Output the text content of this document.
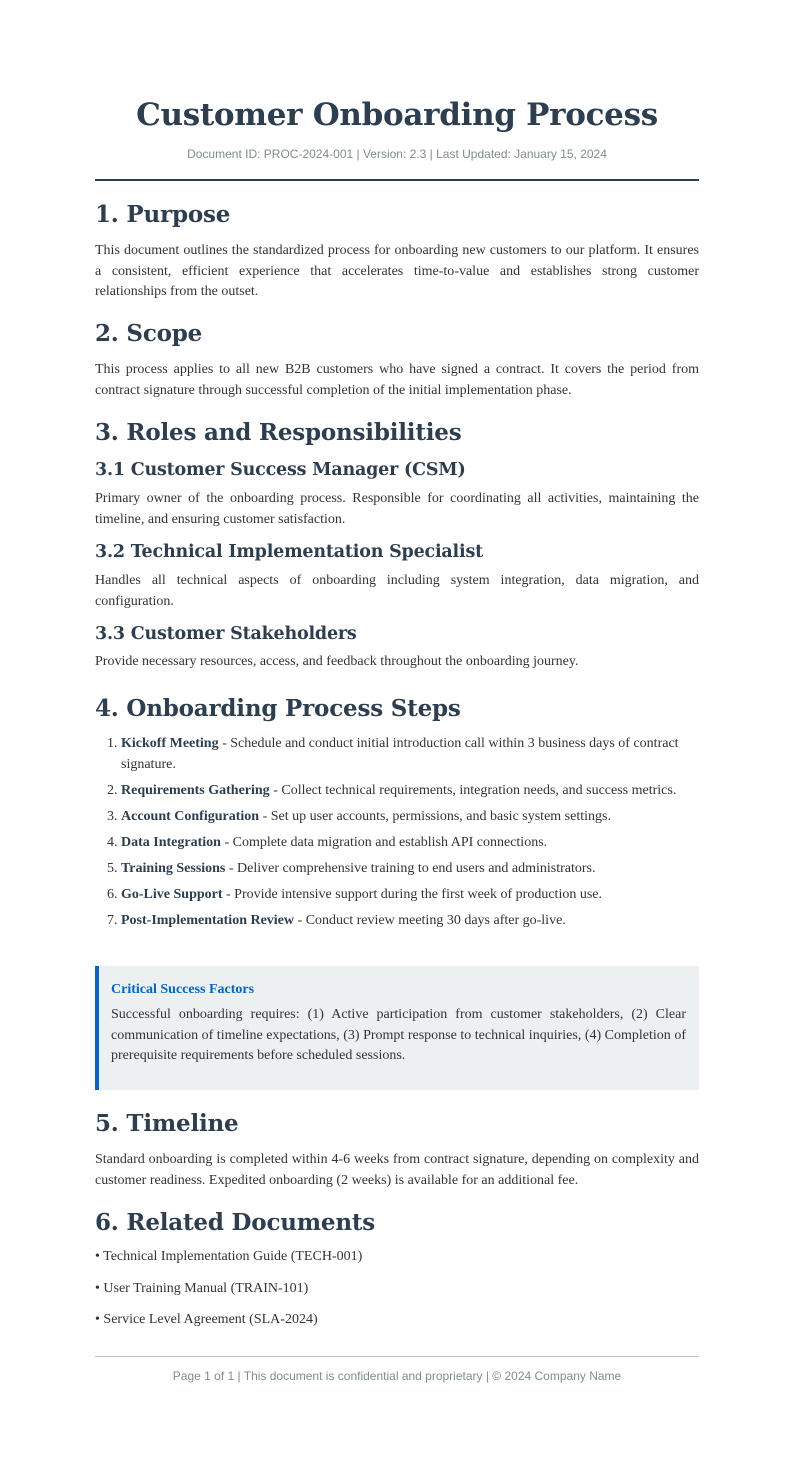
Customer Onboarding Process
Document ID: PROC-2024-001 | Version: 2.3 | Last Updated: January 15, 2024
1. Purpose

This document outlines the standardized process for onboarding new customers to our platform. It ensures a consistent, efficient experience that accelerates time-to-value and establishes strong customer relationships from the outset.

2. Scope

This process applies to all new B2B customers who have signed a contract. It covers the period from contract signature through successful completion of the initial implementation phase.

3. Roles and Responsibilities
3.1 Customer Success Manager (CSM)

Primary owner of the onboarding process. Responsible for coordinating all activities, maintaining the timeline, and ensuring customer satisfaction.

3.2 Technical Implementation Specialist

Handles all technical aspects of onboarding including system integration, data migration, and configuration.

3.3 Customer Stakeholders

Provide necessary resources, access, and feedback throughout the onboarding journey.

4. Onboarding Process Steps
1. Kickoff Meeting - Schedule and conduct initial introduction call within 3 business days of contract signature.
2. Requirements Gathering - Collect technical requirements, integration needs, and success metrics.
3. Account Configuration - Set up user accounts, permissions, and basic system settings.
4. Data Integration - Complete data migration and establish API connections.
5. Training Sessions - Deliver comprehensive training to end users and administrators.
6. Go-Live Support - Provide intensive support during the first week of production use.
7. Post-Implementation Review - Conduct review meeting 30 days after go-live.
Critical Success Factors

Successful onboarding requires: (1) Active participation from customer stakeholders, (2) Clear communication of timeline expectations, (3) Prompt response to technical inquiries, (4) Completion of prerequisite requirements before scheduled sessions.

5. Timeline

Standard onboarding is completed within 4-6 weeks from contract signature, depending on complexity and customer readiness. Expedited onboarding (2 weeks) is available for an additional fee.

6. Related Documents
• Technical Implementation Guide (TECH-001)
• User Training Manual (TRAIN-101)
• Service Level Agreement (SLA-2024)
Page 1 of 1 | This document is confidential and proprietary | © 2024 Company Name
